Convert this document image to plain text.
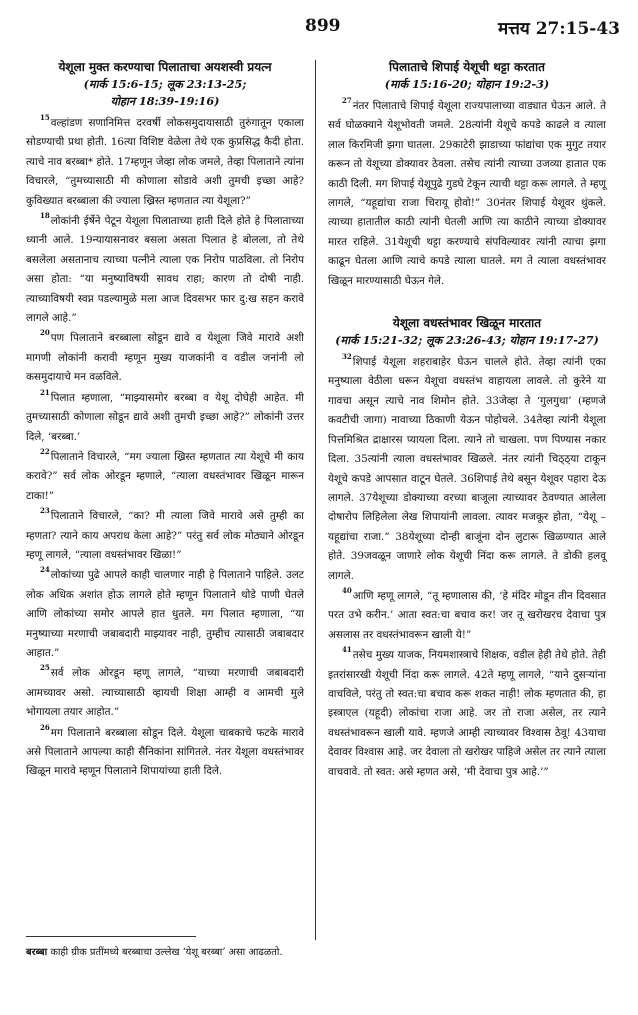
899	मत्तय 27:15-43

येशूला मुक्त करण्याचा पिलाताचा अयशस्वी प्रयत्न

(मार्क 15:6-15; लूक 23:13-25;

योहान 18:39-19:16)

$^{15}$वल्हांडण सणानिमित्त दरवर्षी लोकसमुदायासाठी तुरुंगातून एकाला सोडण्याची प्रथा होती. 16त्या विशिष्ट वेळेला तेथे एक कुप्रसिद्ध कैदी होता. त्याचे नाव बरब्बा* होते. 17म्हणून जेव्हा लोक जमले, तेव्हा पिलाताने त्यांना विचारले, “तुमच्यासाठी मी कोणाला सोडावे अशी तुमची इच्छा आहे? कुविख्यात बरब्बाला की ज्याला ख्रिस्त म्हणतात त्या येशूला?”

$^{18}$लोकांनी ईर्षेने पेटून येशूला पिलाताच्या हाती दिले होते हे पिलाताच्या ध्यानी आले. 19न्यायासनावर बसला असता पिलात हे बोलला, तो तेथे बसलेला असतानाच त्याच्या पत्नीने त्याला एक निरोप पाठविला. तो निरोप असा होता: “या मनुष्याविषयी सावध राहा; कारण तो दोषी नाही. त्याच्याविषयी स्वप्न पडल्यामुळे मला आज दिवसभर फार दु:ख सहन करावे लागले आहे.”

$^{20}$पण पिलाताने बरब्बाला सोडून द्यावे व येशूला जिवे मारावे अशी मागणी लोकांनी करावी म्हणून मुख्य याजकांनी व वडील जनांनी लो कसमुदायाचे मन वळविले.

$^{21}$पिलात म्हणाला, “माझ्यासमोर बरब्बा व येशू दोघेही आहेत. मी तुमच्यासाठी कोणाला सोडून द्यावे अशी तुमची इच्छा आहे?” लोकांनी उत्तर दिले, ‘बरब्बा.’

$^{22}$पिलाताने विचारले, “मग ज्याला ख्रिस्त म्हणतात त्या येशूचे मी काय करावे?” सर्व लोक ओरडून म्हणाले, “त्याला वधस्तंभावर खिळून मारून टाका!”

$^{23}$पिलाताने विचारले, “का? मी त्याला जिवे मारावे असे तुम्ही का म्हणता? त्याने काय अपराध केला आहे?” परंतु सर्व लोक मोठ्याने ओरडून म्हणू लागले, “त्याला वधस्तंभावर खिळा!”

$^{24}$लोकांच्या पुढे आपले काही चालणार नाही हे पिलाताने पाहिले. उलट लोक अधिक अशांत होऊ लागले होते म्हणून पिलाताने थोडे पाणी घेतले आणि लोकांच्या समोर आपले हात धुतले. मग पिलात म्हणाला, “या मनुष्याच्या मरणाची जबाबदारी माझ्यावर नाही, तुम्हीच त्यासाठी जबाबदार आहात.”

$^{25}$सर्व लोक ओरडून म्हणू लागले, “याच्या मरणाची जबाबदारी आमच्यावर असो. त्याच्यासाठी व्हायची शिक्षा आम्ही व आमची मुले भोगायला तयार आहोत.”

$^{26}$मग पिलाताने बरब्बाला सोडून दिले. येशूला चाबकाचे फटके मारावे असे पिलाताने आपल्या काही सैनिकांना सांगितले. नंतर येशूला वधस्तंभावर खिळून मारावे म्हणून पिलाताने शिपायांच्या हाती दिले.

पिलाताचे शिपाई येशूची थट्टा करतात

(मार्क 15:16-20; योहान 19:2-3)

$^{27}$नंतर पिलाताचे शिपाई येशूला राज्यपालाच्या वाड्यात घेऊन आले. ते सर्व घोळक्याने येशूभोवती जमले. 28त्यांनी येशूचे कपडे काढले व त्याला लाल किरमिजी झगा घातला. 29काटेरी झाडाच्या फांद्यांचा एक मुगुट तयार करून तो येशूच्या डोक्यावर ठेवला. तसेच त्यांनी त्याच्या उजव्या हातात एक काठी दिली. मग शिपाई येशूपुढे गुडघे टेकून त्याची थट्टा करू लागले. ते म्हणू लागले, “यहूद्यांचा राजा चिरायू होवो!” 30नंतर शिपाई येशूवर थुंकले. त्याच्या हातातील काठी त्यांनी घेतली आणि त्या काठीने त्याच्या डोक्यावर मारत राहिले. 31येशूची थट्टा करण्याचे संपविल्यावर त्यांनी त्याचा झगा काढून घेतला आणि त्याचे कपडे त्याला घातले. मग ते त्याला वधस्तंभावर खिळून मारण्यासाठी घेऊन गेले.

येशूला वधस्तंभावर खिळून मारतात

(मार्क 15:21-32; लूक 23:26-43; योहान 19:17-27)

$^{32}$शिपाई येशूला शहराबाहेर घेऊन चालले होते. तेव्हा त्यांनी एका मनुष्याला वेठीला धरून येशूचा वधस्तंभ वाहायला लावले. तो कुरेने या गावचा असून त्याचे नाव शिमोन होते. 33जेव्हा ते ‘गुलगुथा’ (म्हणजे कवटीची जागा) नावाच्या ठिकाणी येऊन पोहोचले. 34तेव्हा त्यांनी येशूला पित्तमिश्रित द्राक्षारस प्यायला दिला. त्याने तो चाखला. पण पिण्यास नकार दिला. 35त्यांनी त्याला वधस्तंभावर खिळले. नंतर त्यांनी चिठ्ठ्या टाकून येशूचे कपडे आपसात वाटून घेतले. 36शिपाई तेथे बसून येशूवर पहारा देऊ लागले. 37येशूच्या डोक्याच्या वरच्या बाजूला त्याच्यावर ठेवण्यात आलेला दोषारोप लिहिलेला लेख शिपायांनी लावला. त्यावर मजकूर होता, “येशू – यहूद्यांचा राजा.” 38येशूच्या दोन्ही बाजूंना दोन लुटारू खिळण्यात आले होते. 39जवळून जाणारे लोक येशूची निंदा करू लागले. ते डोकी हलवू लागले.

$^{40}$आणि म्हणू लागले, “तू म्हणालास की, ‘हे मंदिर मोडून तीन दिवसात परत उभे करीन.’ आता स्वत:चा बचाव कर! जर तू खरोखरच देवाचा पुत्र असलास तर वधस्तंभावरून खाली ये!”

$^{41}$तसेच मुख्य याजक, नियमशास्त्राचे शिक्षक, वडील हेही तेथे होते. तेही इतरांसारखी येशूची निंदा करू लागले. 42ते म्हणू लागले, “याने दुसऱ्यांना वाचविले, परंतु तो स्वत:चा बचाव करू शकत नाही! लोक म्हणतात की, हा इस्त्राएल (यहूदी) लोकांचा राजा आहे. जर तो राजा असेल, तर त्याने वधस्तंभावरून खाली यावे. म्हणजे आम्ही त्याच्यावर विश्वास ठेवू! 43याचा देवावर विश्वास आहे. जर देवाला तो खरोखर पाहिजे असेल तर त्याने त्याला वाचवावे. तो स्वत: असे म्हणत असे, ‘मी देवाचा पुत्र आहे.’”

बरब्बा काही ग्रीक प्रतींमध्ये बरब्बाचा उल्लेख ‘येशू बरब्बा’ असा आढळतो.
